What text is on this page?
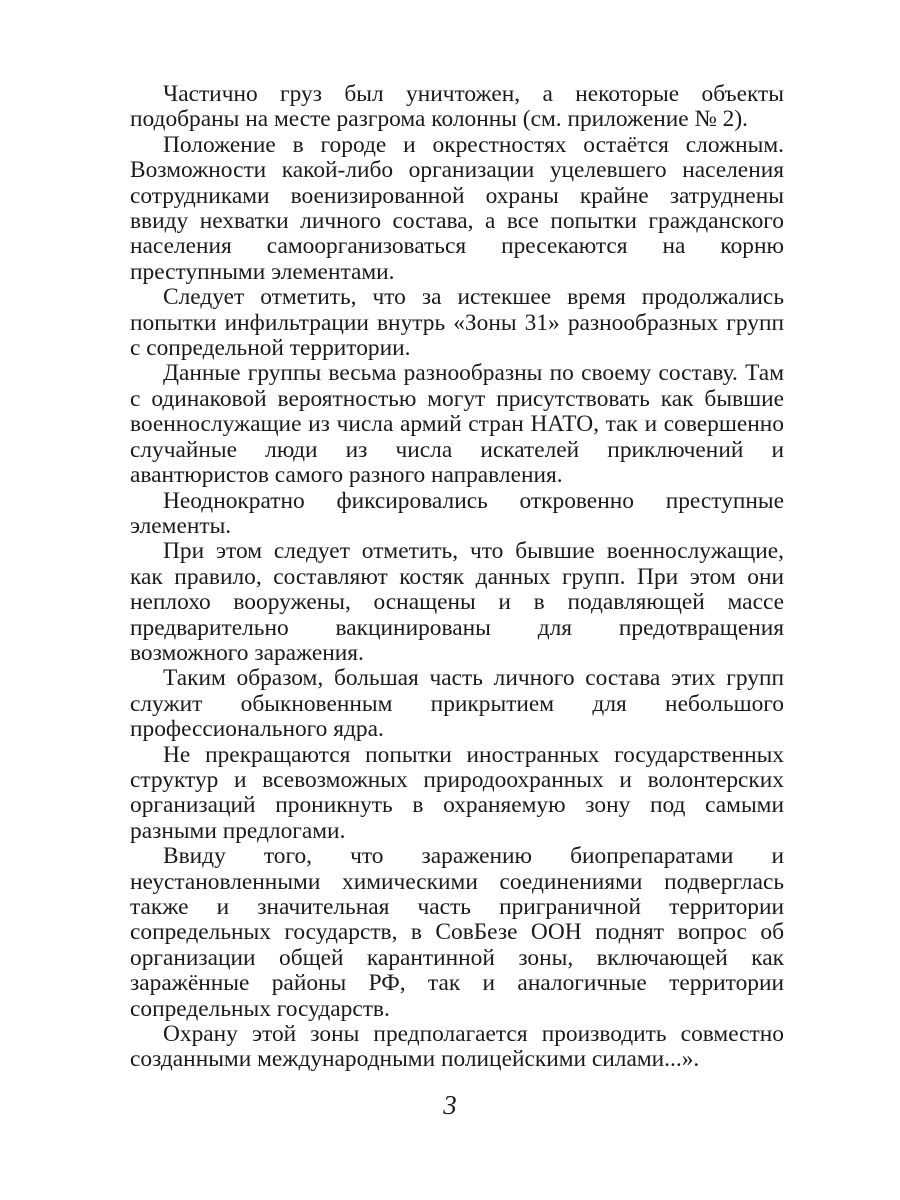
Частично груз был уничтожен, а некоторые объекты подобраны на месте разгрома колонны (см. приложение № 2).

Положение в городе и окрестностях остаётся сложным. Возможности какой-либо организации уцелевшего населения сотрудниками военизированной охраны крайне затруднены ввиду нехватки личного состава, а все попытки гражданского населения самоорганизоваться пресекаются на корню преступными элементами.

Следует отметить, что за истекшее время продолжались попытки инфильтрации внутрь «Зоны 31» разнообразных групп с сопредельной территории.

Данные группы весьма разнообразны по своему составу. Там с одинаковой вероятностью могут присутствовать как бывшие военнослужащие из числа армий стран НАТО, так и совершенно случайные люди из числа искателей приключений и авантюристов самого разного направления.

Неоднократно фиксировались откровенно преступные элементы.

При этом следует отметить, что бывшие военнослужащие, как правило, составляют костяк данных групп. При этом они неплохо вооружены, оснащены и в подавляющей массе предварительно вакцинированы для предотвращения возможного заражения.

Таким образом, большая часть личного состава этих групп служит обыкновенным прикрытием для небольшого профессионального ядра.

Не прекращаются попытки иностранных государственных структур и всевозможных природоохранных и волонтерских организаций проникнуть в охраняемую зону под самыми разными предлогами.

Ввиду того, что заражению биопрепаратами и неустановленными химическими соединениями подверглась также и значительная часть приграничной территории сопредельных государств, в СовБезе ООН поднят вопрос об организации общей карантинной зоны, включающей как заражённые районы РФ, так и аналогичные территории сопредельных государств.

Охрану этой зоны предполагается производить совместно созданными международными полицейскими силами...».

3
